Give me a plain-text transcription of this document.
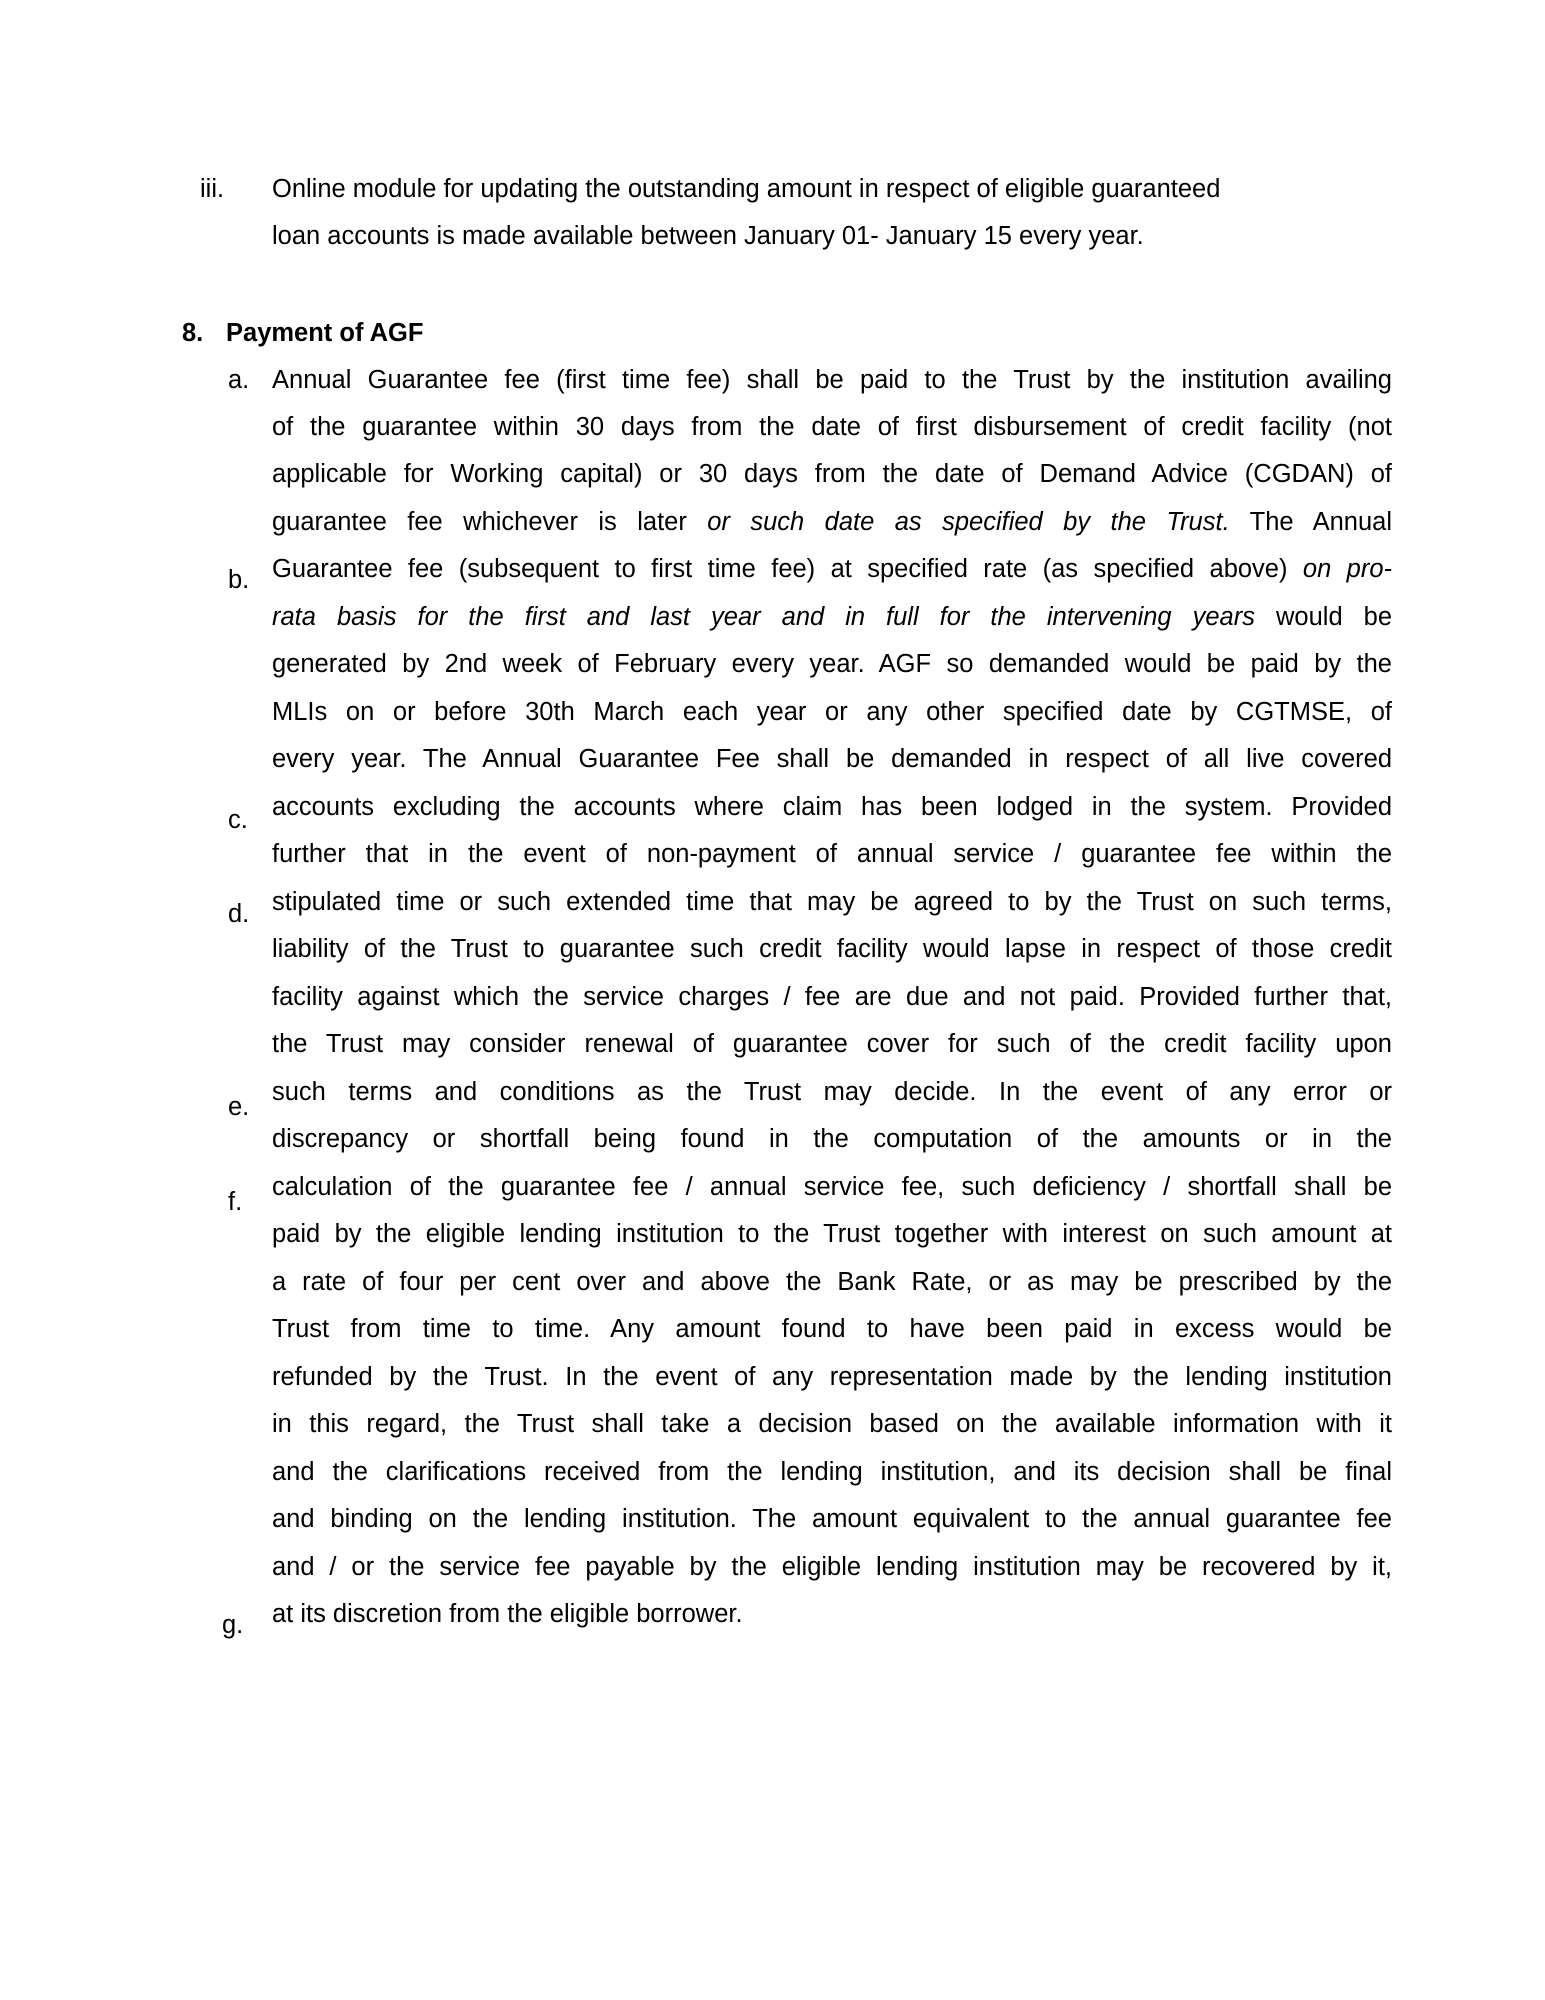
iii. Online module for updating the outstanding amount in respect of eligible guaranteed
loan accounts is made available between January 01- January 15 every year.
8. Payment of AGF
a.
b.
c.
d.
e.
f.
g.
Annual Guarantee fee (first time fee) shall be paid to the Trust by the institution availing
of the guarantee within 30 days from the date of first disbursement of credit facility (not
applicable for Working capital) or 30 days from the date of Demand Advice (CGDAN) of
guarantee fee whichever is later or such date as specified by the Trust. The Annual
Guarantee fee (subsequent to first time fee) at specified rate (as specified above) on pro-
rata basis for the first and last year and in full for the intervening years would be
generated by 2nd week of February every year. AGF so demanded would be paid by the
MLIs on or before 30th March each year or any other specified date by CGTMSE, of
every year. The Annual Guarantee Fee shall be demanded in respect of all live covered
accounts excluding the accounts where claim has been lodged in the system. Provided
further that in the event of non-payment of annual service / guarantee fee within the
stipulated time or such extended time that may be agreed to by the Trust on such terms,
liability of the Trust to guarantee such credit facility would lapse in respect of those credit
facility against which the service charges / fee are due and not paid. Provided further that,
the Trust may consider renewal of guarantee cover for such of the credit facility upon
such terms and conditions as the Trust may decide. In the event of any error or
discrepancy or shortfall being found in the computation of the amounts or in the
calculation of the guarantee fee / annual service fee, such deficiency / shortfall shall be
paid by the eligible lending institution to the Trust together with interest on such amount at
a rate of four per cent over and above the Bank Rate, or as may be prescribed by the
Trust from time to time. Any amount found to have been paid in excess would be
refunded by the Trust. In the event of any representation made by the lending institution
in this regard, the Trust shall take a decision based on the available information with it
and the clarifications received from the lending institution, and its decision shall be final
and binding on the lending institution. The amount equivalent to the annual guarantee fee
and / or the service fee payable by the eligible lending institution may be recovered by it,
at its discretion from the eligible borrower.
